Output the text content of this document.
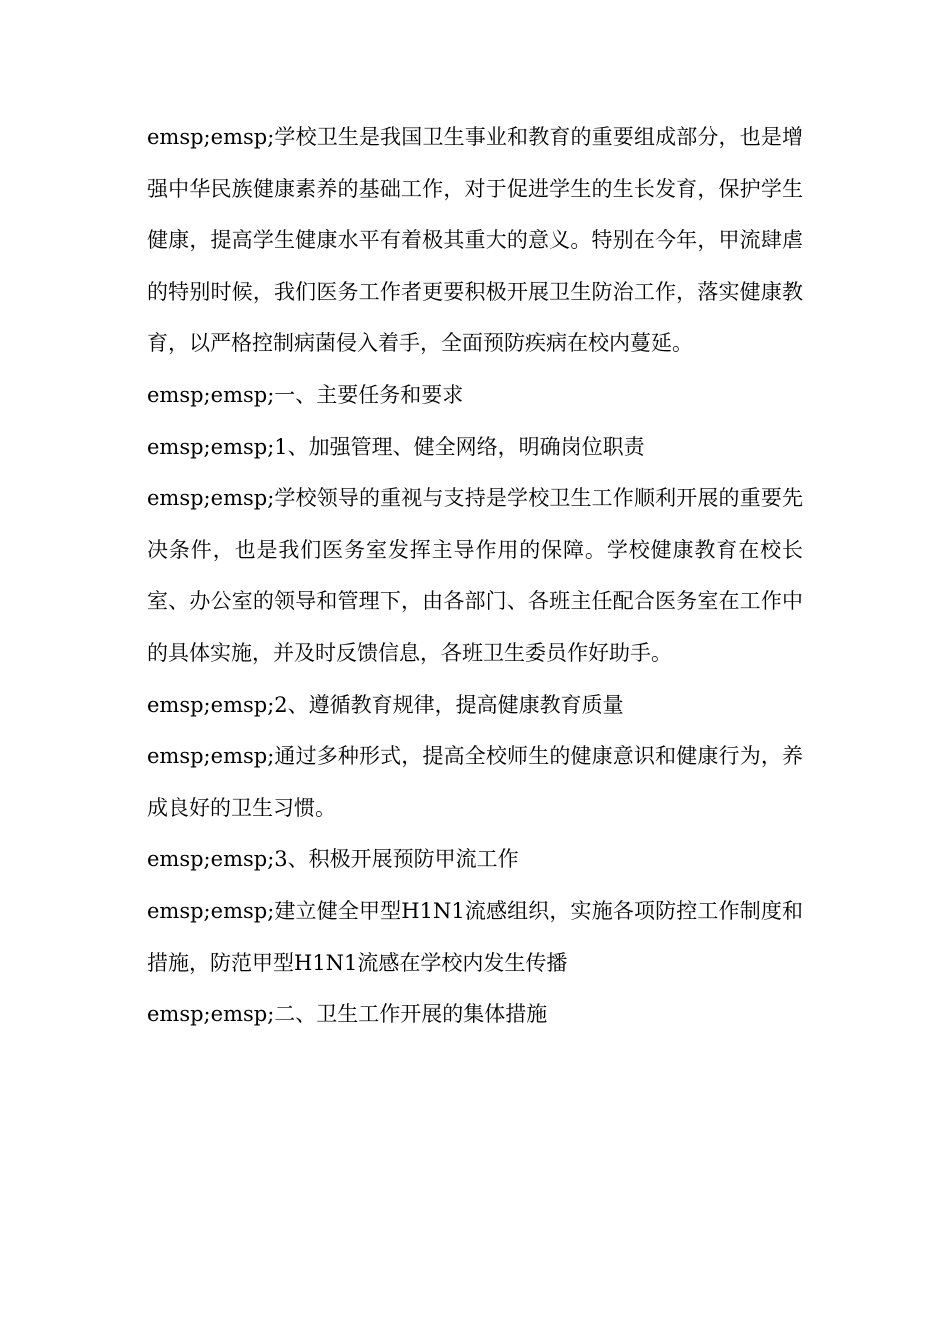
emsp;emsp;学校卫生是我国卫生事业和教育的重要组成部分，也是增强中华民族健康素养的基础工作，对于促进学生的生长发育，保护学生健康，提高学生健康水平有着极其重大的意义。特别在今年，甲流肆虐的特别时候，我们医务工作者更要积极开展卫生防治工作，落实健康教育，以严格控制病菌侵入着手，全面预防疾病在校内蔓延。

emsp;emsp;一、主要任务和要求

emsp;emsp;1、加强管理、健全网络，明确岗位职责

emsp;emsp;学校领导的重视与支持是学校卫生工作顺利开展的重要先决条件，也是我们医务室发挥主导作用的保障。学校健康教育在校长室、办公室的领导和管理下，由各部门、各班主任配合医务室在工作中的具体实施，并及时反馈信息，各班卫生委员作好助手。

emsp;emsp;2、遵循教育规律，提高健康教育质量

emsp;emsp;通过多种形式，提高全校师生的健康意识和健康行为，养成良好的卫生习惯。

emsp;emsp;3、积极开展预防甲流工作

emsp;emsp;建立健全甲型H1N1流感组织，实施各项防控工作制度和措施，防范甲型H1N1流感在学校内发生传播

emsp;emsp;二、卫生工作开展的集体措施
